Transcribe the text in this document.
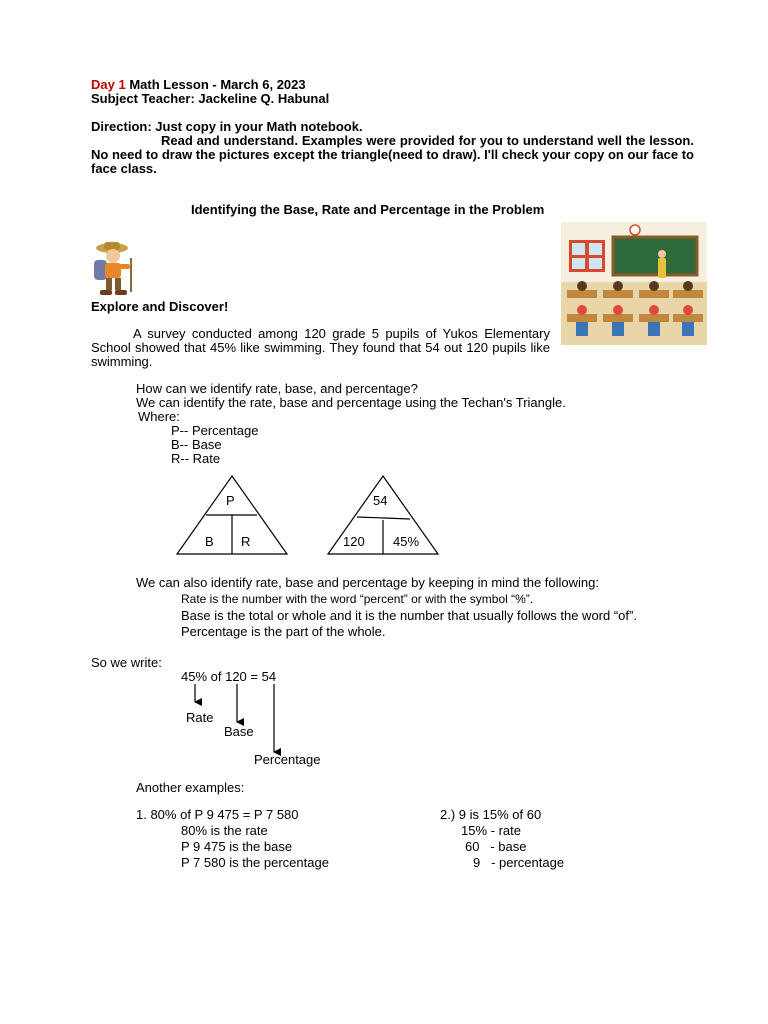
Day 1 Math Lesson - March 6, 2023
Subject Teacher: Jackeline Q. Habunal
Direction: Just copy in your Math notebook.
Read and understand. Examples were provided for you to understand well the lesson. No need to draw the pictures except the triangle(need to draw). I'll check your copy on our face to face class.
Identifying the Base, Rate and Percentage in the Problem
Explore and Discover!
A survey conducted among 120 grade 5 pupils of Yukos Elementary School showed that 45% like swimming. They found that 54 out 120 pupils like swimming.
How can we identify rate, base, and percentage?
We can identify the rate, base and percentage using the Techan's Triangle.
Where:
P-- Percentage
B-- Base
R-- Rate
P
B R
54
120 45%
We can also identify rate, base and percentage by keeping in mind the following:
Rate is the number with the word “percent” or with the symbol “%”.
Base is the total or whole and it is the number that usually follows the word “of”.
Percentage is the part of the whole.
So we write:
45% of 120 = 54
Rate
Base
Percentage
Another examples:
1. 80% of P 9 475 = P 7 580
80% is the rate
P 9 475 is the base
P 7 580 is the percentage
2.) 9 is 15% of 60
15% - rate
60   - base
9   - percentage
